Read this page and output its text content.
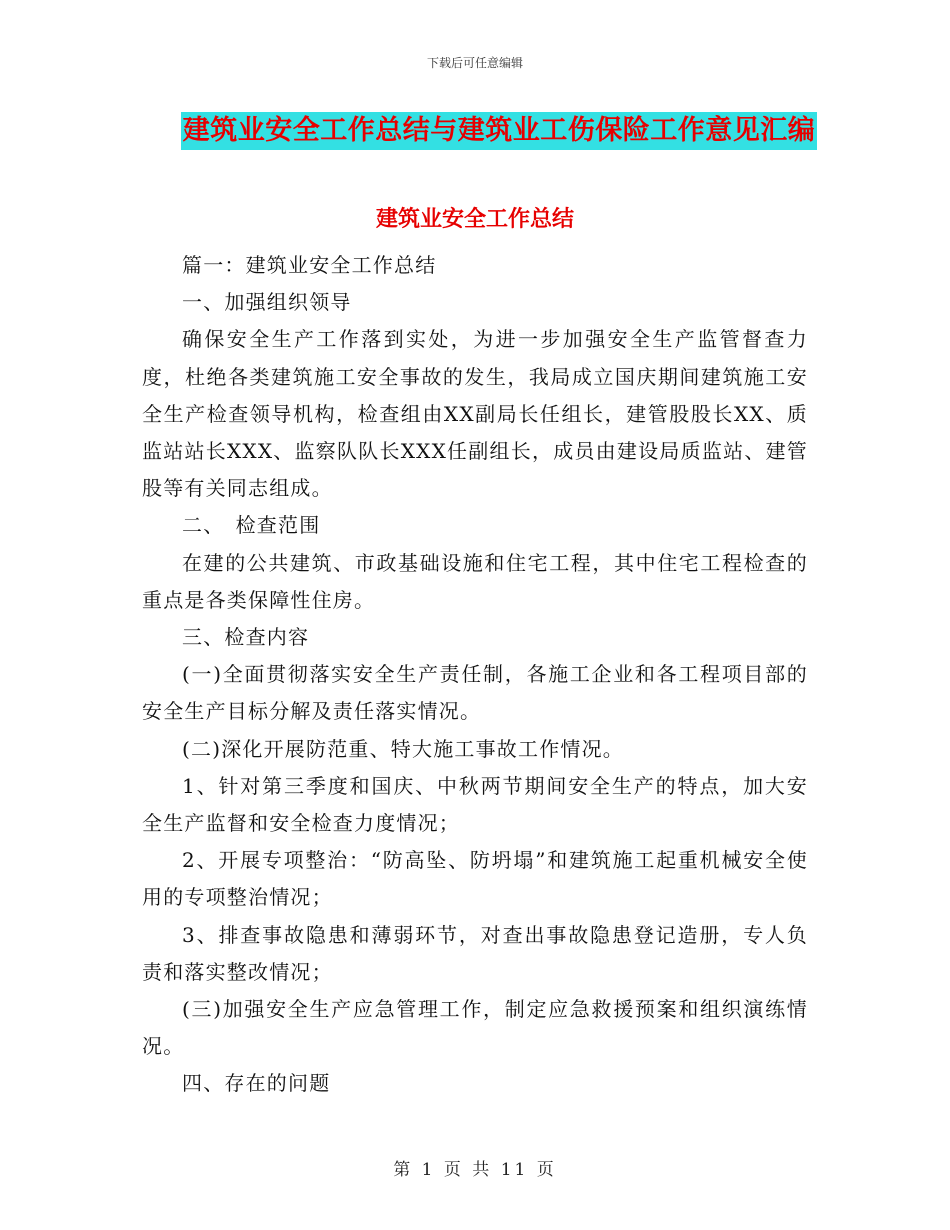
下载后可任意编辑
建筑业安全工作总结与建筑业工伤保险工作意见汇编
建筑业安全工作总结

篇一：建筑业安全工作总结

一、加强组织领导

确保安全生产工作落到实处，为进一步加强安全生产监管督查力度，杜绝各类建筑施工安全事故的发生，我局成立国庆期间建筑施工安全生产检查领导机构，检查组由XX副局长任组长，建管股股长XX、质监站站长XXX、监察队队长XXX任副组长，成员由建设局质监站、建管股等有关同志组成。

二、　检查范围

在建的公共建筑、市政基础设施和住宅工程，其中住宅工程检查的重点是各类保障性住房。

三、检查内容

(一)全面贯彻落实安全生产责任制，各施工企业和各工程项目部的安全生产目标分解及责任落实情况。

(二)深化开展防范重、特大施工事故工作情况。

1、针对第三季度和国庆、中秋两节期间安全生产的特点，加大安全生产监督和安全检查力度情况；

2、开展专项整治：“防高坠、防坍塌”和建筑施工起重机械安全使用的专项整治情况；

3、排查事故隐患和薄弱环节，对查出事故隐患登记造册，专人负责和落实整改情况；

(三)加强安全生产应急管理工作，制定应急救援预案和组织演练情况。

四、存在的问题

第 1 页 共 11 页
